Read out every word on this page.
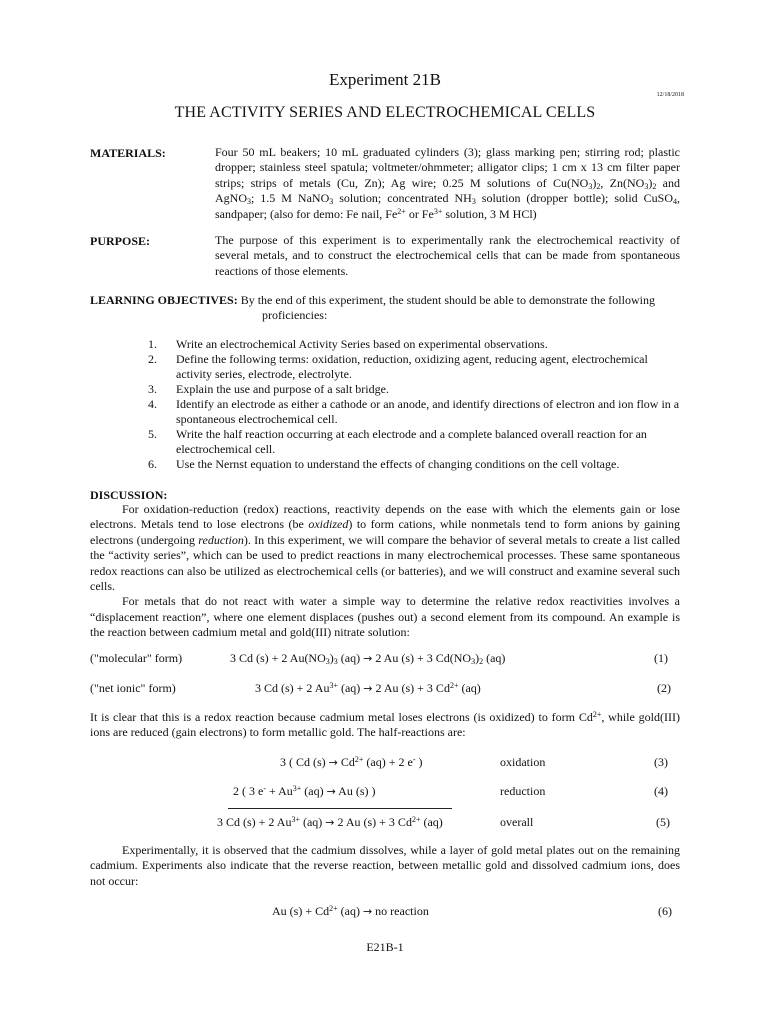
Experiment 21B
12/18/2018
THE ACTIVITY SERIES AND ELECTROCHEMICAL CELLS
MATERIALS:	Four 50 mL beakers; 10 mL graduated cylinders (3); glass marking pen; stirring rod; plastic
dropper; stainless steel spatula; voltmeter/ohmmeter; alligator clips; 1 cm x 13 cm filter paper
strips; strips of metals (Cu, Zn); Ag wire; 0.25 M solutions of $Cu(NO_3)_2$, $Zn(NO_3)_2$ and
AgNO$_3$; 1.5 M NaNO$_3$ solution; concentrated $NH_3$ solution (dropper bottle); solid CuSO$_4$,
sandpaper; (also for demo: Fe nail, $Fe^{2+}$ or $Fe^{3+}$ solution, 3 M HCl)
PURPOSE:	The purpose of this experiment is to experimentally rank the electrochemical reactivity of several metals, and to construct the electrochemical cells that can be made from spontaneous reactions of those elements.
LEARNING OBJECTIVES: By the end of this experiment, the student should be able to demonstrate the following
proficiencies:
1.	Write an electrochemical Activity Series based on experimental observations.
2.	Define the following terms: oxidation, reduction, oxidizing agent, reducing agent, electrochemical activity series, electrode, electrolyte.
3.	Explain the use and purpose of a salt bridge.
4.	Identify an electrode as either a cathode or an anode, and identify directions of electron and ion flow in a spontaneous electrochemical cell.
5.	Write the half reaction occurring at each electrode and a complete balanced overall reaction for an electrochemical cell.
6.	Use the Nernst equation to understand the effects of changing conditions on the cell voltage.
DISCUSSION:
For oxidation-reduction (redox) reactions, reactivity depends on the ease with which the elements gain or lose electrons. Metals tend to lose electrons (be oxidized) to form cations, while nonmetals tend to form anions by gaining electrons (undergoing reduction). In this experiment, we will compare the behavior of several metals to create a list called the “activity series”, which can be used to predict reactions in many electrochemical processes. These same spontaneous redox reactions can also be utilized as electrochemical cells (or batteries), and we will construct and examine several such cells.
For metals that do not react with water a simple way to determine the relative redox reactivities involves a “displacement reaction”, where one element displaces (pushes out) a second element from its compound. An example is the reaction between cadmium metal and gold(III) nitrate solution:
("molecular" form)	3 Cd (s) + 2 $Au(NO_3)_3$ (aq) → 2 Au (s) + 3 $Cd(NO_3)_2$ (aq)	(1)
("net ionic" form)	3 Cd (s) + 2 $Au^{3+}$ (aq) → 2 Au (s) + 3 $Cd^{2+}$ (aq)	(2)
It is clear that this is a redox reaction because cadmium metal loses electrons (is oxidized) to form $Cd^{2+}$, while gold(III) ions are reduced (gain electrons) to form metallic gold. The half-reactions are:
3 ( Cd $(s) \to Cd^{2+}$ (aq) + 2 e- )	oxidation	(3)
2 ( 3 $e^- + Au^{3+}$ (aq) → Au (s) )	reduction	(4)
3 Cd (s) + 2 $Au^{3+}$ (aq) → 2 Au (s) + 3 $Cd^{2+}$ (aq)	overall	(5)
Experimentally, it is observed that the cadmium dissolves, while a layer of gold metal plates out on the remaining cadmium. Experiments also indicate that the reverse reaction, between metallic gold and dissolved cadmium ions, does not occur:
Au $(s) + Cd^{2+}$ (aq) → no reaction	(6)
E21B-1
